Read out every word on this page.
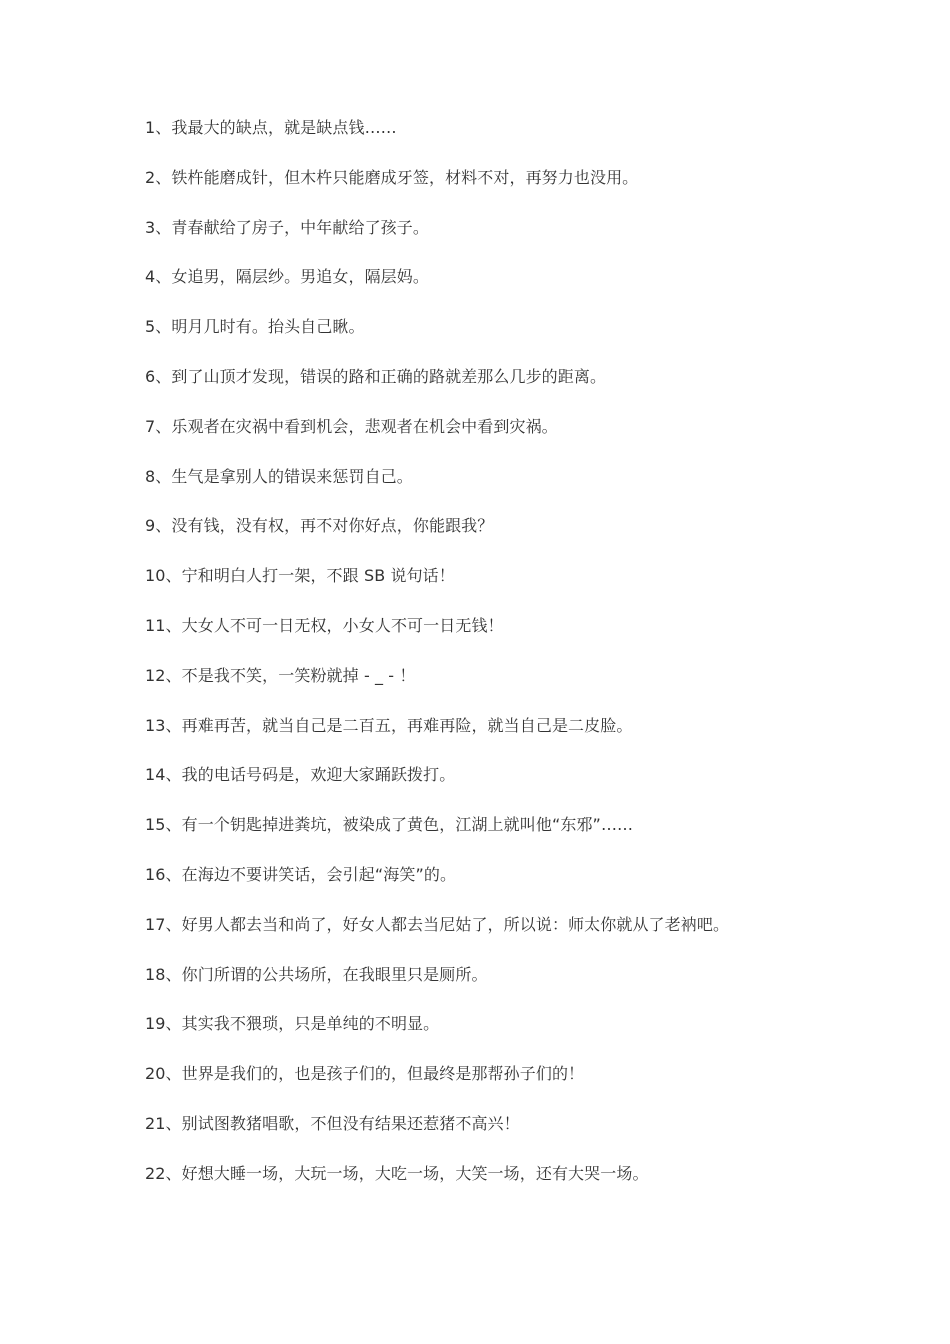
1、我最大的缺点，就是缺点钱……
2、铁杵能磨成针，但木杵只能磨成牙签，材料不对，再努力也没用。
3、青春献给了房子，中年献给了孩子。
4、女追男，隔层纱。男追女，隔层妈。
5、明月几时有。抬头自己瞅。
6、到了山顶才发现，错误的路和正确的路就差那么几步的距离。
7、乐观者在灾祸中看到机会，悲观者在机会中看到灾祸。
8、生气是拿别人的错误来惩罚自己。
9、没有钱，没有权，再不对你好点，你能跟我？
10、宁和明白人打一架，不跟 SB 说句话！
11、大女人不可一日无权，小女人不可一日无钱！
12、不是我不笑，一笑粉就掉 - _ - ！
13、再难再苦，就当自己是二百五，再难再险，就当自己是二皮脸。
14、我的电话号码是，欢迎大家踊跃拨打。
15、有一个钥匙掉进粪坑，被染成了黄色，江湖上就叫他“东邪”……
16、在海边不要讲笑话，会引起“海笑”的。
17、好男人都去当和尚了，好女人都去当尼姑了，所以说：师太你就从了老衲吧。
18、你门所谓的公共场所，在我眼里只是厕所。
19、其实我不猥琐，只是单纯的不明显。
20、世界是我们的，也是孩子们的，但最终是那帮孙子们的！
21、别试图教猪唱歌，不但没有结果还惹猪不高兴！
22、好想大睡一场，大玩一场，大吃一场，大笑一场，还有大哭一场。
